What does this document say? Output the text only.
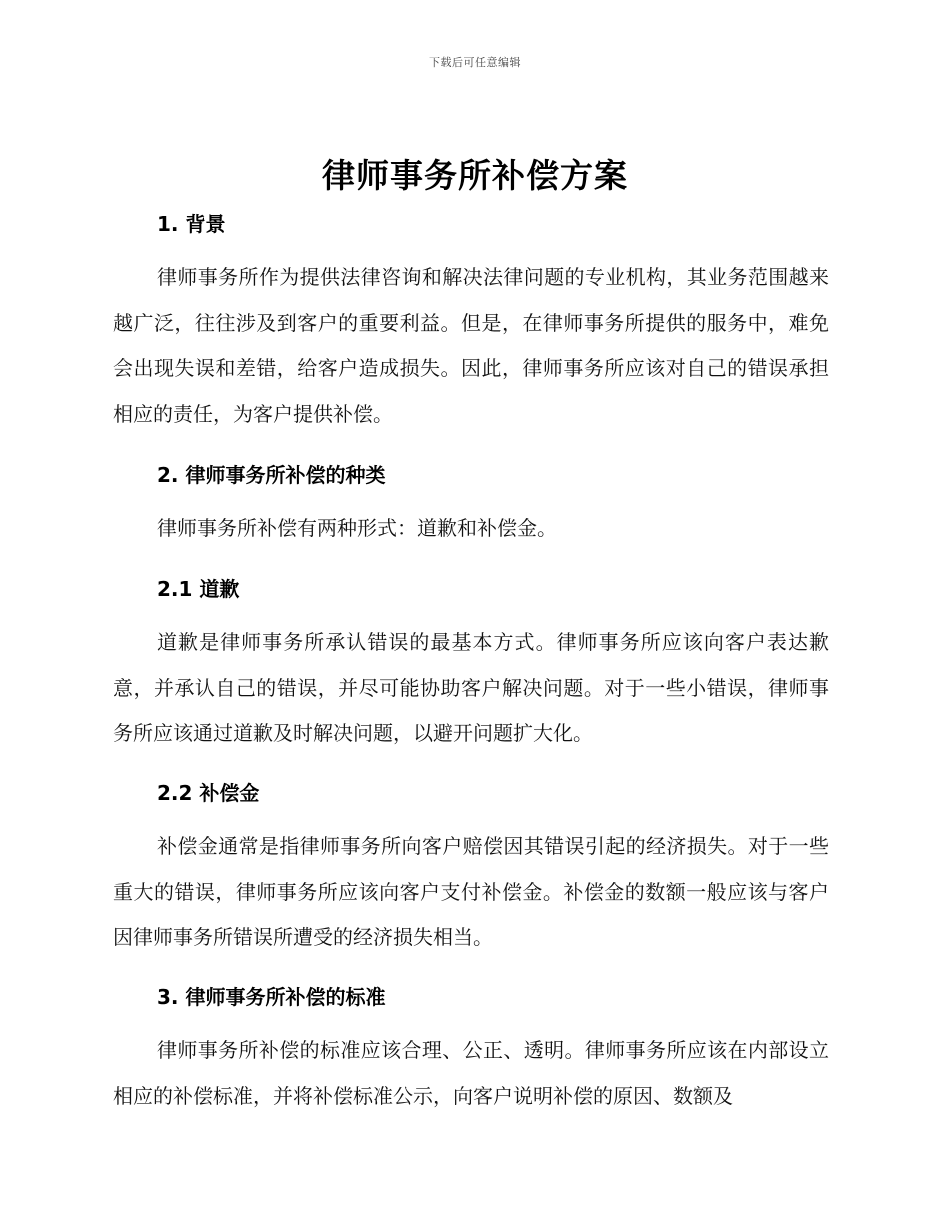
下载后可任意编辑
律师事务所补偿方案
1. 背景

律师事务所作为提供法律咨询和解决法律问题的专业机构，其业务范围越来越广泛，往往涉及到客户的重要利益。但是，在律师事务所提供的服务中，难免会出现失误和差错，给客户造成损失。因此，律师事务所应该对自己的错误承担相应的责任，为客户提供补偿。

2. 律师事务所补偿的种类

律师事务所补偿有两种形式：道歉和补偿金。

2.1 道歉

道歉是律师事务所承认错误的最基本方式。律师事务所应该向客户表达歉意，并承认自己的错误，并尽可能协助客户解决问题。对于一些小错误，律师事务所应该通过道歉及时解决问题，以避开问题扩大化。

2.2 补偿金

补偿金通常是指律师事务所向客户赔偿因其错误引起的经济损失。对于一些重大的错误，律师事务所应该向客户支付补偿金。补偿金的数额一般应该与客户因律师事务所错误所遭受的经济损失相当。

3. 律师事务所补偿的标准

律师事务所补偿的标准应该合理、公正、透明。律师事务所应该在内部设立相应的补偿标准，并将补偿标准公示，向客户说明补偿的原因、数额及
